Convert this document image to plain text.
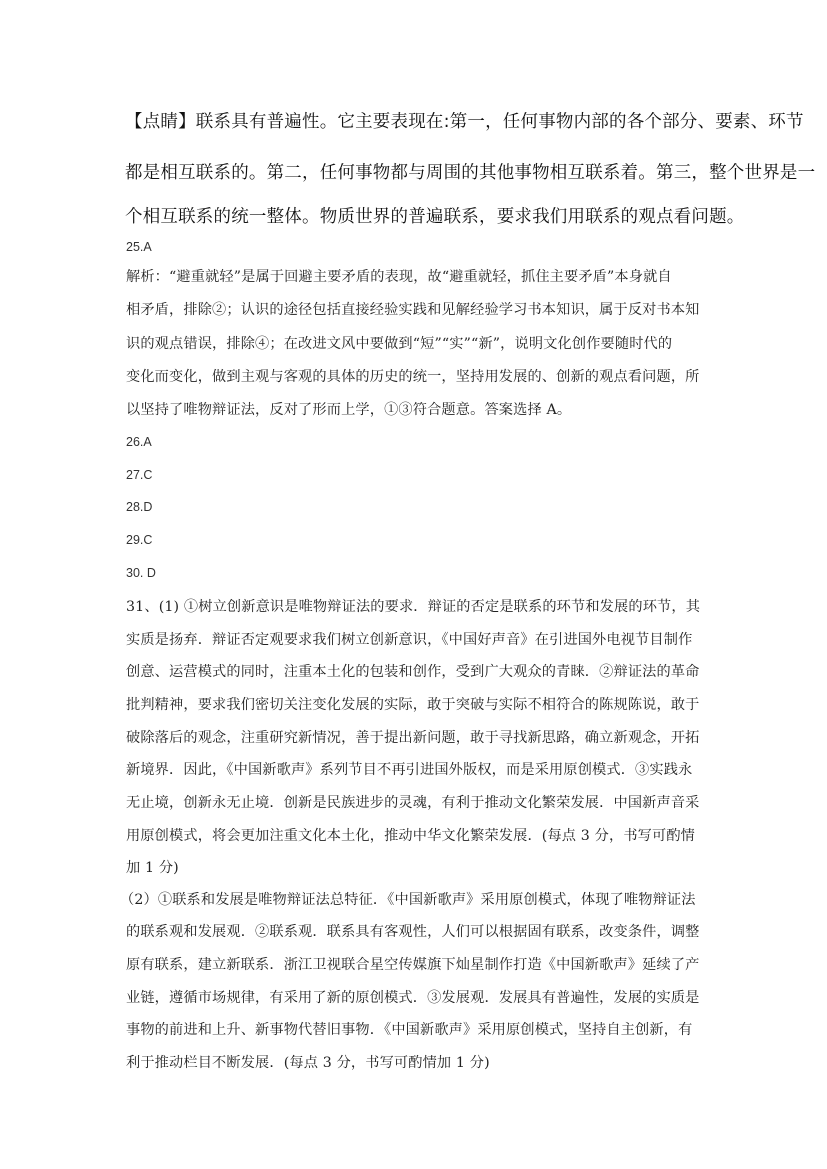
【点睛】联系具有普遍性。它主要表现在:第一，任何事物内部的各个部分、要素、环节
都是相互联系的。第二，任何事物都与周围的其他事物相互联系着。第三，整个世界是一
个相互联系的统一整体。物质世界的普遍联系，要求我们用联系的观点看问题。
25.A
解析：“避重就轻”是属于回避主要矛盾的表现，故“避重就轻，抓住主要矛盾”本身就自
相矛盾，排除②；认识的途径包括直接经验实践和见解经验学习书本知识，属于反对书本知
识的观点错误，排除④；在改进文风中要做到“短”“实”“新”，说明文化创作要随时代的
变化而变化，做到主观与客观的具体的历史的统一，坚持用发展的、创新的观点看问题，所
以坚持了唯物辩证法，反对了形而上学，①③符合题意。答案选择 A。
26.A
27.C
28.D
29.C
30. D
31、(1) ①树立创新意识是唯物辩证法的要求．辩证的否定是联系的环节和发展的环节，其
实质是扬弃．辩证否定观要求我们树立创新意识，《中国好声音》在引进国外电视节目制作
创意、运营模式的同时，注重本土化的包装和创作，受到广大观众的青睐．②辩证法的革命
批判精神，要求我们密切关注变化发展的实际，敢于突破与实际不相符合的陈规陈说，敢于
破除落后的观念，注重研究新情况，善于提出新问题，敢于寻找新思路，确立新观念，开拓
新境界．因此，《中国新歌声》系列节目不再引进国外版权，而是采用原创模式．③实践永
无止境，创新永无止境．创新是民族进步的灵魂，有利于推动文化繁荣发展．中国新声音采
用原创模式，将会更加注重文化本土化，推动中华文化繁荣发展．(每点 3 分，书写可酌情
加 1 分)
（2）①联系和发展是唯物辩证法总特征．《中国新歌声》采用原创模式，体现了唯物辩证法
的联系观和发展观．②联系观．联系具有客观性，人们可以根据固有联系，改变条件，调整
原有联系，建立新联系．浙江卫视联合星空传媒旗下灿星制作打造《中国新歌声》延续了产
业链，遵循市场规律，有采用了新的原创模式．③发展观．发展具有普遍性，发展的实质是
事物的前进和上升、新事物代替旧事物．《中国新歌声》采用原创模式，坚持自主创新，有
利于推动栏目不断发展．(每点 3 分，书写可酌情加 1 分)
